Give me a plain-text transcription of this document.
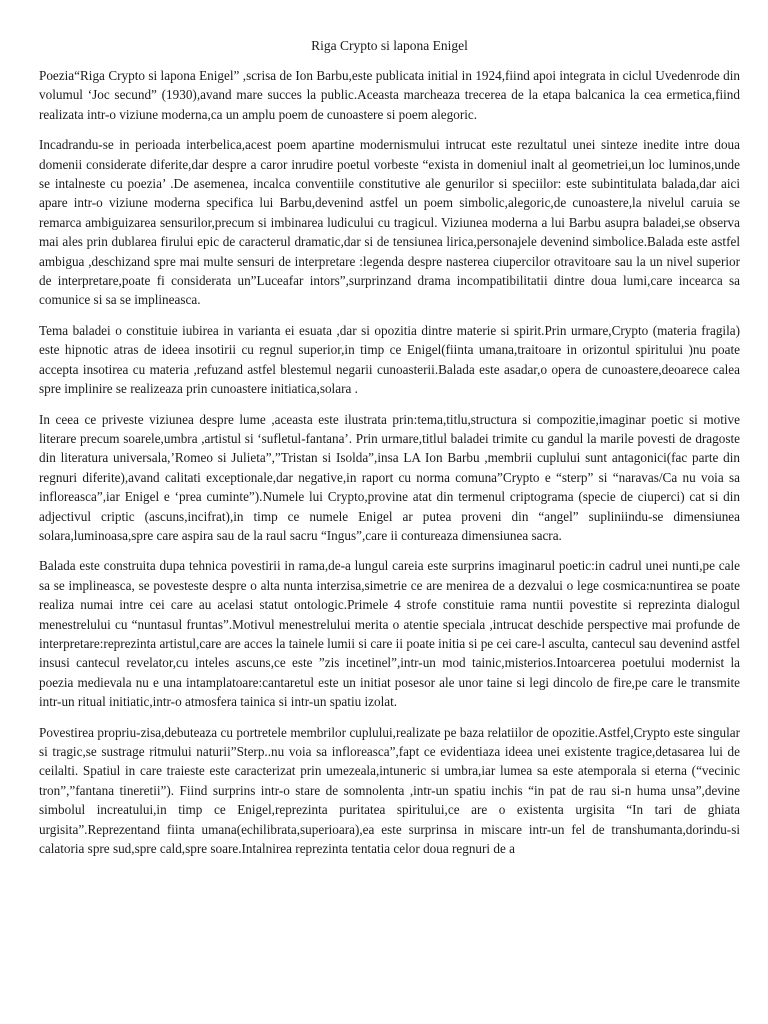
Riga Crypto si lapona Enigel

Poezia“Riga Crypto si lapona Enigel” ,scrisa de Ion Barbu,este publicata initial in 1924,fiind apoi integrata in ciclul Uvedenrode din volumul ‘Joc secund” (1930),avand mare succes la public.Aceasta marcheaza trecerea de la etapa balcanica la cea ermetica,fiind realizata intr-o viziune moderna,ca un amplu poem de cunoastere si poem alegoric.

Incadrandu-se in perioada interbelica,acest poem apartine modernismului intrucat este rezultatul unei sinteze inedite intre doua domenii considerate diferite,dar despre a caror inrudire poetul vorbeste “exista in domeniul inalt al geometriei,un loc luminos,unde se intalneste cu poezia’ .De asemenea, incalca conventiile constitutive ale genurilor si speciilor: este subintitulata balada,dar aici apare intr-o viziune moderna specifica lui Barbu,devenind astfel un poem simbolic,alegoric,de cunoastere,la nivelul caruia se remarca ambiguizarea sensurilor,precum si imbinarea ludicului cu tragicul. Viziunea moderna a lui Barbu asupra baladei,se observa mai ales prin dublarea firului epic de caracterul dramatic,dar si de tensiunea lirica,personajele devenind simbolice.Balada este astfel ambigua ,deschizand spre mai multe sensuri de interpretare :legenda despre nasterea ciupercilor otravitoare sau la un nivel superior de interpretare,poate fi considerata un”Luceafar intors”,surprinzand drama incompatibilitatii dintre doua lumi,care incearca sa comunice si sa se implineasca.

Tema baladei o constituie iubirea in varianta ei esuata ,dar si opozitia dintre materie si spirit.Prin urmare,Crypto (materia fragila) este hipnotic atras de ideea insotirii cu regnul superior,in timp ce Enigel(fiinta umana,traitoare in orizontul spiritului )nu poate accepta insotirea cu materia ,refuzand astfel blestemul negarii cunoasterii.Balada este asadar,o opera de cunoastere,deoarece calea spre implinire se realizeaza prin cunoastere initiatica,solara .

In ceea ce priveste viziunea despre lume ,aceasta este ilustrata prin:tema,titlu,structura si compozitie,imaginar poetic si motive literare precum soarele,umbra ,artistul si ‘sufletul-fantana’. Prin urmare,titlul baladei trimite cu gandul la marile povesti de dragoste din literatura universala,’Romeo si Julieta”,”Tristan si Isolda”,insa LA Ion Barbu ,membrii cuplului sunt antagonici(fac parte din regnuri diferite),avand calitati exceptionale,dar negative,in raport cu norma comuna”Crypto e “sterp” si “naravas/Ca nu voia sa infloreasca”,iar Enigel e ‘prea cuminte”).Numele lui Crypto,provine atat din termenul criptograma (specie de ciuperci) cat si din adjectivul criptic (ascuns,incifrat),in timp ce numele Enigel ar putea proveni din “angel” supliniindu-se dimensiunea solara,luminoasa,spre care aspira sau de la raul sacru “Ingus”,care ii contureaza dimensiunea sacra.

Balada este construita dupa tehnica povestirii in rama,de-a lungul careia este surprins imaginarul poetic:in cadrul unei nunti,pe cale sa se implineasca, se povesteste despre o alta nunta interzisa,simetrie ce are menirea de a dezvalui o lege cosmica:nuntirea se poate realiza numai intre cei care au acelasi statut ontologic.Primele 4 strofe constituie rama nuntii povestite si reprezinta dialogul menestrelului cu “nuntasul fruntas”.Motivul menestrelului merita o atentie speciala ,intrucat deschide perspective mai profunde de interpretare:reprezinta artistul,care are acces la tainele lumii si care ii poate initia si pe cei care-l asculta, cantecul sau devenind astfel insusi cantecul revelator,cu inteles ascuns,ce este ”zis incetinel”,intr-un mod tainic,misterios.Intoarcerea poetului modernist la poezia medievala nu e una intamplatoare:cantaretul este un initiat posesor ale unor taine si legi dincolo de fire,pe care le transmite intr-un ritual initiatic,intr-o atmosfera tainica si intr-un spatiu izolat.

Povestirea propriu-zisa,debuteaza cu portretele membrilor cuplului,realizate pe baza relatiilor de opozitie.Astfel,Crypto este singular si tragic,se sustrage ritmului naturii”Sterp..nu voia sa infloreasca”,fapt ce evidentiaza ideea unei existente tragice,detasarea lui de ceilalti. Spatiul in care traieste este caracterizat prin umezeala,intuneric si umbra,iar lumea sa este atemporala si eterna (“vecinic tron”,”fantana tineretii”). Fiind surprins intr-o stare de somnolenta ,intr-un spatiu inchis “in pat de rau si-n huma unsa”,devine simbolul increatului,in timp ce Enigel,reprezinta puritatea spiritului,ce are o existenta urgisita “In tari de ghiata urgisita”.Reprezentand fiinta umana(echilibrata,superioara),ea este surprinsa in miscare intr-un fel de transhumanta,dorindu-si calatoria spre sud,spre cald,spre soare.Intalnirea reprezinta tentatia celor doua regnuri de a
